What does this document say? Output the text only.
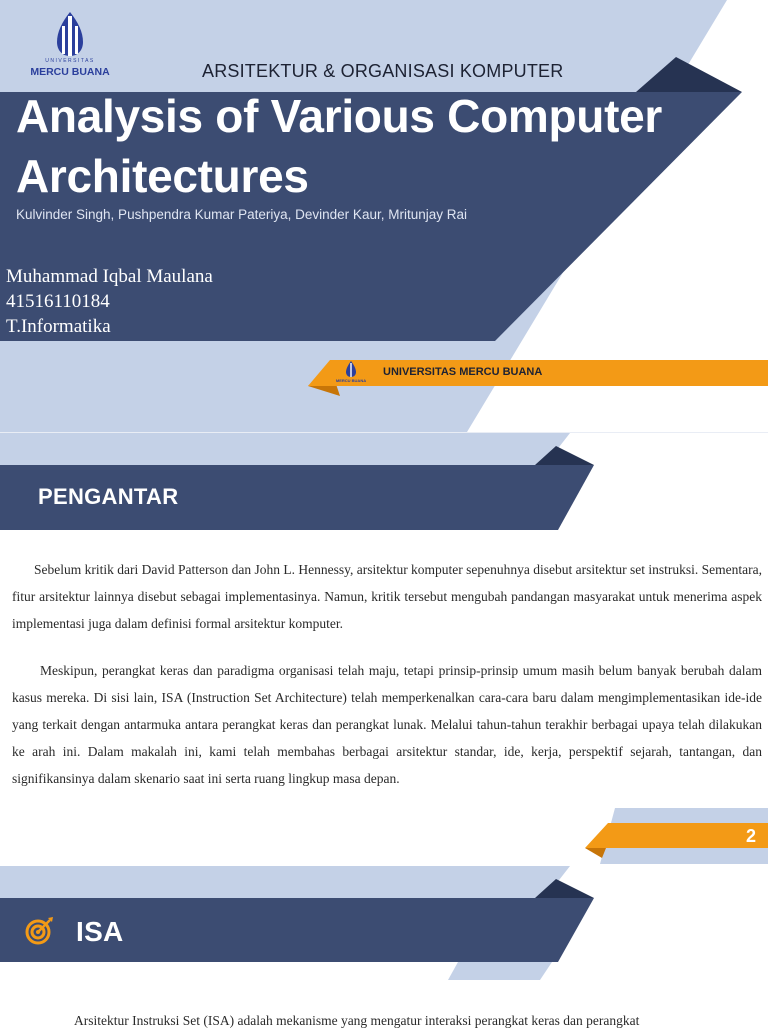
UNIVERSITAS
MERCU BUANA	ARSITEKTUR & ORGANISASI KOMPUTER
Analysis of Various Computer Architectures
Kulvinder Singh, Pushpendra Kumar Pateriya, Devinder Kaur, Mritunjay Rai
Muhammad Iqbal Maulana
41516110184
T.Informatika
MERCU BUANA
UNIVERSITAS MERCU BUANA
PENGANTAR

Sebelum kritik dari David Patterson dan John L. Hennessy, arsitektur komputer sepenuhnya disebut arsitektur set instruksi. Sementara, fitur arsitektur lainnya disebut sebagai implementasinya. Namun, kritik tersebut mengubah pandangan masyarakat untuk menerima aspek implementasi juga dalam definisi formal arsitektur komputer.

Meskipun, perangkat keras dan paradigma organisasi telah maju, tetapi prinsip-prinsip umum masih belum banyak berubah dalam kasus mereka. Di sisi lain, ISA (Instruction Set Architecture) telah memperkenalkan cara-cara baru dalam mengimplementasikan ide-ide yang terkait dengan antarmuka antara perangkat keras dan perangkat lunak. Melalui tahun-tahun terakhir berbagai upaya telah dilakukan ke arah ini. Dalam makalah ini, kami telah membahas berbagai arsitektur standar, ide, kerja, perspektif sejarah, tantangan, dan signifikansinya dalam skenario saat ini serta ruang lingkup masa depan.

2
ISA

Arsitektur Instruksi Set (ISA) adalah mekanisme yang mengatur interaksi perangkat keras dan perangkat
